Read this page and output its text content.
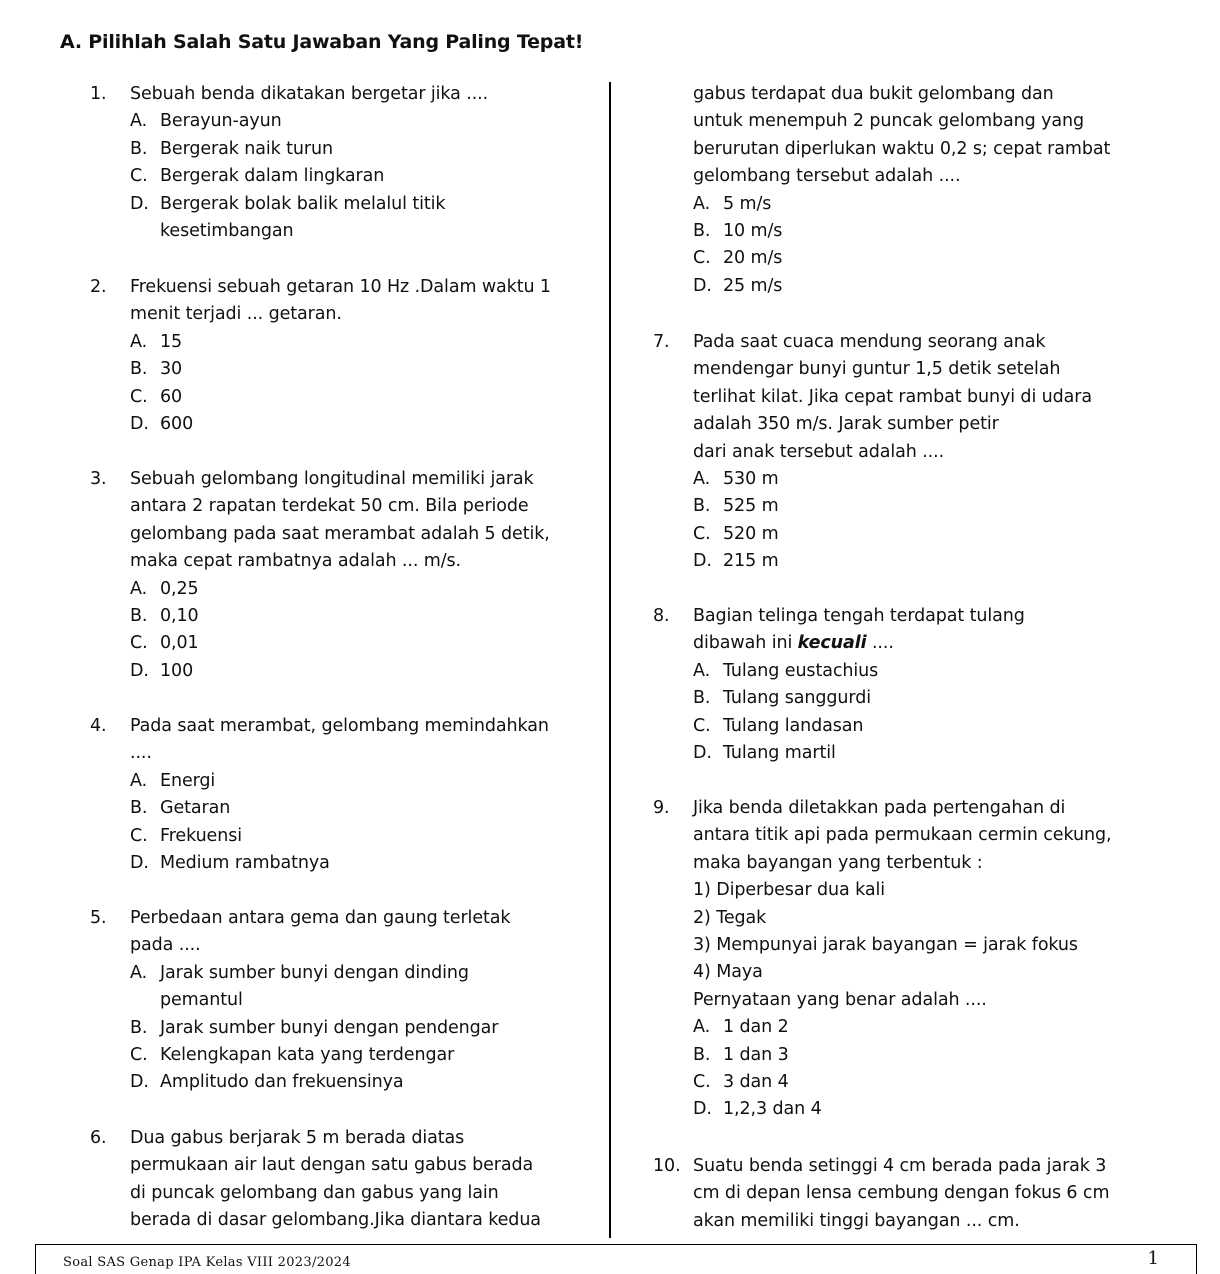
A. Pilihlah Salah Satu Jawaban Yang Paling Tepat!
1. Sebuah benda dikatakan bergetar jika ....
A. Berayun-ayun
B. Bergerak naik turun
C. Bergerak dalam lingkaran
D. Bergerak bolak balik melalul titik
kesetimbangan
2. Frekuensi sebuah getaran 10 Hz .Dalam waktu 1
menit terjadi ... getaran.
A. 15
B. 30
C. 60
D. 600
3. Sebuah gelombang longitudinal memiliki jarak
antara 2 rapatan terdekat 50 cm. Bila periode
gelombang pada saat merambat adalah 5 detik,
maka cepat rambatnya adalah ... m/s.
A. 0,25
B. 0,10
C. 0,01
D. 100
4. Pada saat merambat, gelombang memindahkan
....
A. Energi
B. Getaran
C. Frekuensi
D. Medium rambatnya
5. Perbedaan antara gema dan gaung terletak
pada ....
A. Jarak sumber bunyi dengan dinding
pemantul
B. Jarak sumber bunyi dengan pendengar
C. Kelengkapan kata yang terdengar
D. Amplitudo dan frekuensinya
6. Dua gabus berjarak 5 m berada diatas
permukaan air laut dengan satu gabus berada
di puncak gelombang dan gabus yang lain
berada di dasar gelombang.Jika diantara kedua
gabus terdapat dua bukit gelombang dan
untuk menempuh 2 puncak gelombang yang
berurutan diperlukan waktu 0,2 s; cepat rambat
gelombang tersebut adalah ....
A. 5 m/s
B. 10 m/s
C. 20 m/s
D. 25 m/s
7. Pada saat cuaca mendung seorang anak
mendengar bunyi guntur 1,5 detik setelah
terlihat kilat. Jika cepat rambat bunyi di udara
adalah 350 m/s. Jarak sumber petir
dari anak tersebut adalah ....
A. 530 m
B. 525 m
C. 520 m
D. 215 m
8. Bagian telinga tengah terdapat tulang
dibawah ini kecuali ....
A. Tulang eustachius
B. Tulang sanggurdi
C. Tulang landasan
D. Tulang martil
9. Jika benda diletakkan pada pertengahan di
antara titik api pada permukaan cermin cekung,
maka bayangan yang terbentuk :
1) Diperbesar dua kali
2) Tegak
3) Mempunyai jarak bayangan = jarak fokus
4) Maya
Pernyataan yang benar adalah ....
A. 1 dan 2
B. 1 dan 3
C. 3 dan 4
D. 1,2,3 dan 4
10. Suatu benda setinggi 4 cm berada pada jarak 3
cm di depan lensa cembung dengan fokus 6 cm
akan memiliki tinggi bayangan ... cm.
Soal SAS Genap IPA Kelas VIII 2023/2024	1
